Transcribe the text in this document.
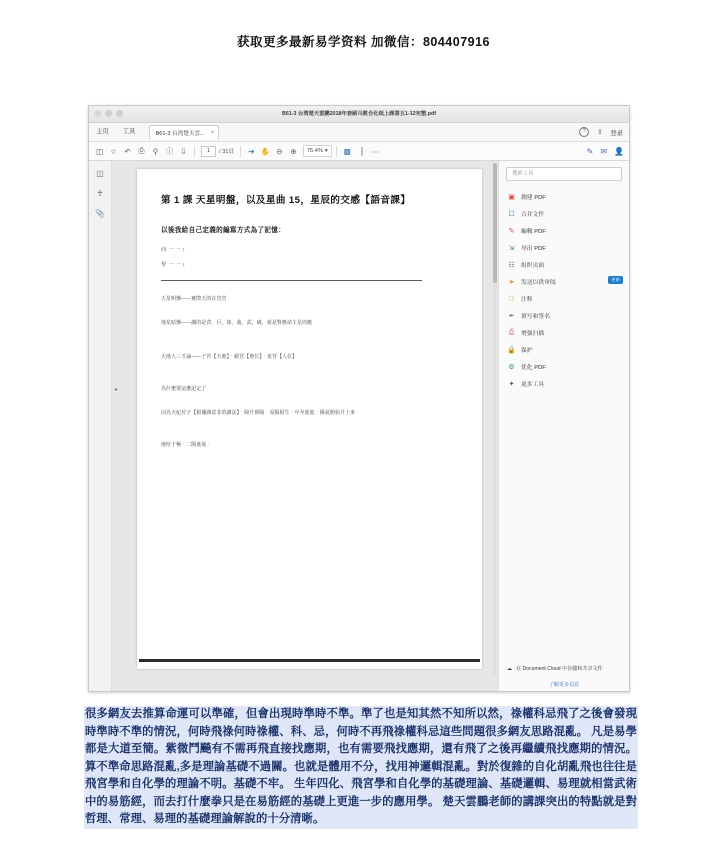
获取更多最新易学资料 加微信：804407916
B61-3 台湾楚天雲鹏2018年套路马教合化纸上課第五1-12完整.pdf
主页	工具	B61-3 台湾楚天雲... ×	?	⇧ 登录
◫ ☆ ↶	⎙	⚲	ⓘ ⇩	1	/ 31頁	➔ ✋ ⊖	⊕	75.4% ▾	▩	⎟	⋯	✎ ✉ 👤
◫
♰
📎
◂
第 1 課 天星明盤，以及星曲 15，星辰的交感【語音課】
以後我給自己定義的編寫方式為了記憶：
向 一 一 ↑
學 一 一 ↓
天星明盤——實際天的在宮宮
地星暗盤——講的是貪，巨，祿，曲，武，破，就是對應命主星的應
天地人三才論——子宮【天地】‧絕宮【地位】‧寅宮【人位】
為什麼要這麼記定了
因為天紀於子【根據課意非的講法】‧陽升倒陽‧易陽相生‧年至進進‧陽氣開始升上來‧
地厚于極‧二陽進展‧
搜索工具
▣ 創建 PDF
☐ 合并文件
✎ 編輯 PDF
⇲ 导出 PDF
☷ 组织页面
➤ 发送以供审阅
更新
⚆ 注释
✒ 填写和签名
⎙ 增强扫描
🔒 保护
⚙ 优化 PDF
✦ 更多工具
☁ 在 Document Cloud 中存儲和共享文件
了解更多信息

很多網友去推算命運可以準確，但會出現時準時不準。準了也是知其然不知所以然，祿權科忌飛了之後會發現時準時不準的情況，何時飛祿何時祿權、科、忌，何時不再飛祿權科忌這些問題很多網友思路混亂。 凡是易學都是大道至簡。紫微鬥飈有不需再飛直接找應期，也有需要飛找應期，還有飛了之後再繼續飛找應期的情況。算不準命思路混亂,多是理論基礎不過關。也就是體用不分，找用神邏輯混亂。對於復雜的自化胡亂飛也往往是飛宮學和自化學的理論不明。基礎不牢。 生年四化、飛宮學和自化學的基礎理論、基礎邏輯、易理就相當武術中的易筋經，而去打什麼拳只是在易筋經的基礎上更進一步的應用學。 楚天雲鵬老師的講課突出的特點就是對哲理、常理、易理的基礎理論解說的十分清晰。
